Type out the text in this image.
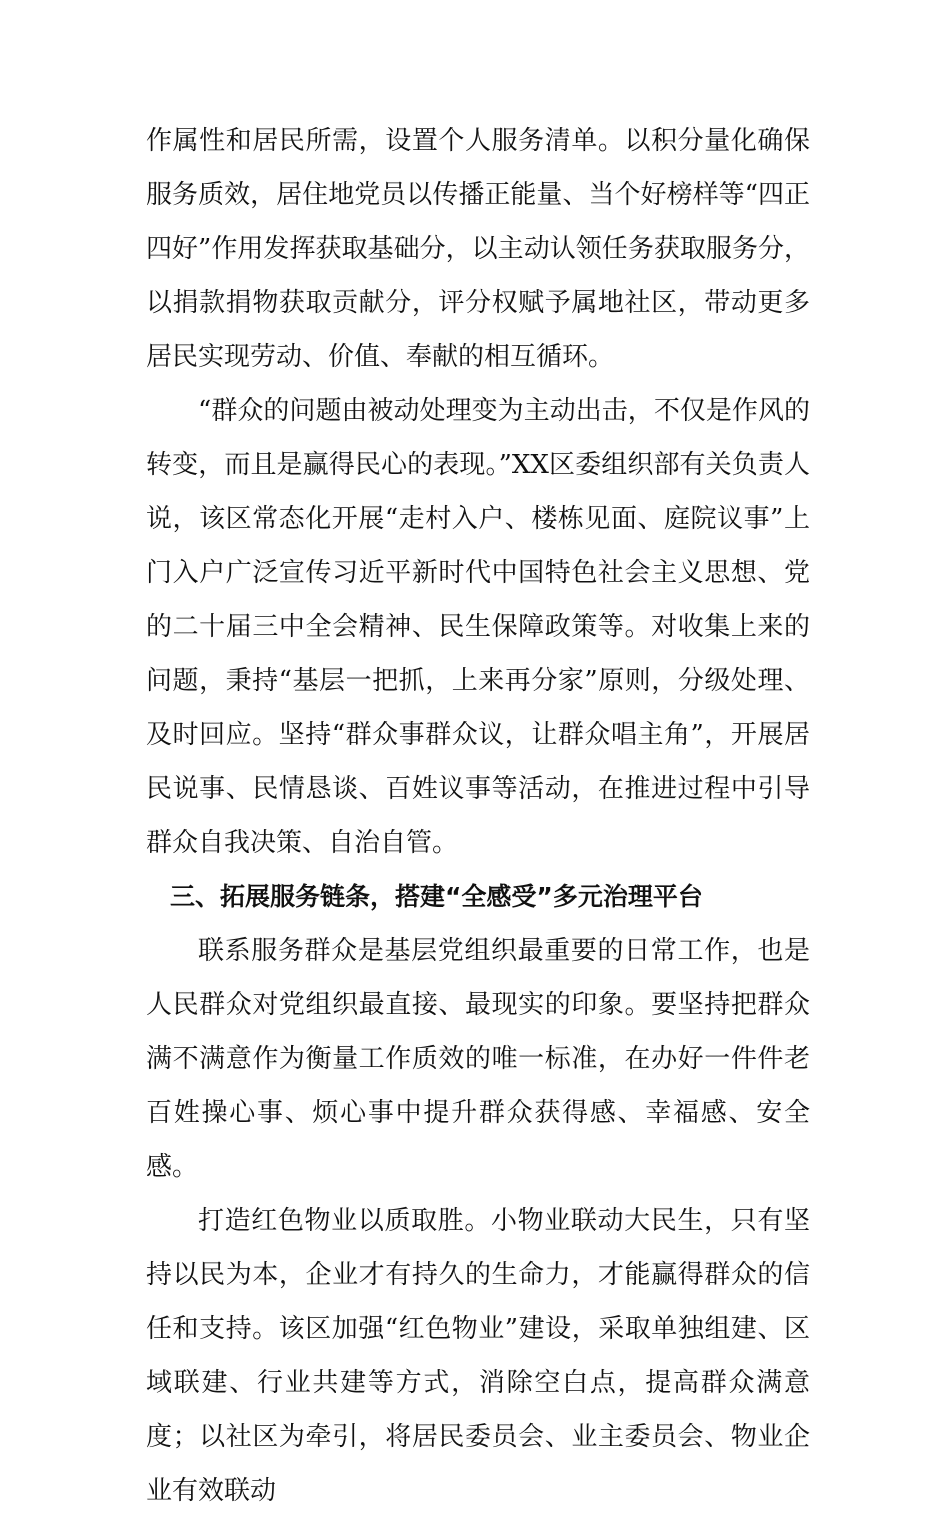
作属性和居民所需，设置个人服务清单。以积分量化确保服务质效，居住地党员以传播正能量、当个好榜样等“四正四好”作用发挥获取基础分，以主动认领任务获取服务分，以捐款捐物获取贡献分，评分权赋予属地社区，带动更多居民实现劳动、价值、奉献的相互循环。

“群众的问题由被动处理变为主动出击，不仅是作风的转变，而且是赢得民心的表现。”XX区委组织部有关负责人说，该区常态化开展“走村入户、楼栋见面、庭院议事”上门入户广泛宣传习近平新时代中国特色社会主义思想、党的二十届三中全会精神、民生保障政策等。对收集上来的问题，秉持“基层一把抓，上来再分家”原则，分级处理、及时回应。坚持“群众事群众议，让群众唱主角”，开展居民说事、民情恳谈、百姓议事等活动，在推进过程中引导群众自我决策、自治自管。

三、拓展服务链条，搭建“全感受”多元治理平台

联系服务群众是基层党组织最重要的日常工作，也是人民群众对党组织最直接、最现实的印象。要坚持把群众满不满意作为衡量工作质效的唯一标准，在办好一件件老百姓操心事、烦心事中提升群众获得感、幸福感、安全感。

打造红色物业以质取胜。小物业联动大民生，只有坚持以民为本，企业才有持久的生命力，才能赢得群众的信任和支持。该区加强“红色物业”建设，采取单独组建、区域联建、行业共建等方式，消除空白点，提高群众满意度；以社区为牵引，将居民委员会、业主委员会、物业企业有效联动
